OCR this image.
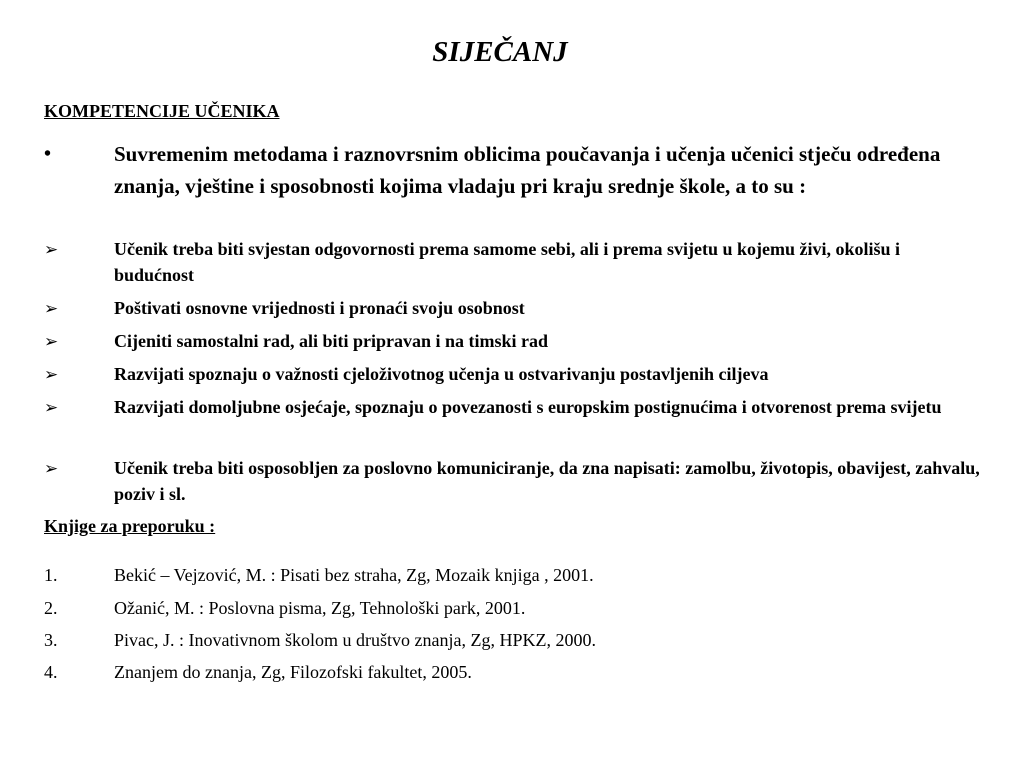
SIJEČANJ
KOMPETENCIJE UČENIKA
•	Suvremenim metodama i raznovrsnim oblicima poučavanja i učenja učenici stječu određena znanja, vještine i sposobnosti kojima vladaju pri kraju srednje škole, a to su :
➢	Učenik treba biti svjestan odgovornosti prema samome sebi, ali i prema svijetu u kojemu živi, okolišu i budućnost
➢	Poštivati osnovne vrijednosti i pronaći svoju osobnost
➢	Cijeniti samostalni rad, ali biti pripravan i na timski rad
➢	Razvijati spoznaju o važnosti cjeloživotnog učenja u ostvarivanju postavljenih ciljeva
➢	Razvijati domoljubne osjećaje, spoznaju o povezanosti s europskim postignućima i otvorenost prema svijetu
➢	Učenik treba biti osposobljen za poslovno komuniciranje, da zna napisati: zamolbu, životopis, obavijest, zahvalu, poziv i sl.
Knjige za preporuku :
1.	Bekić – Vejzović, M. : Pisati bez straha, Zg, Mozaik knjiga , 2001.
2.	Ožanić, M. : Poslovna pisma, Zg, Tehnološki park, 2001.
3.	Pivac, J. : Inovativnom školom u društvo znanja, Zg, HPKZ, 2000.
4.	Znanjem do znanja, Zg, Filozofski fakultet, 2005.
